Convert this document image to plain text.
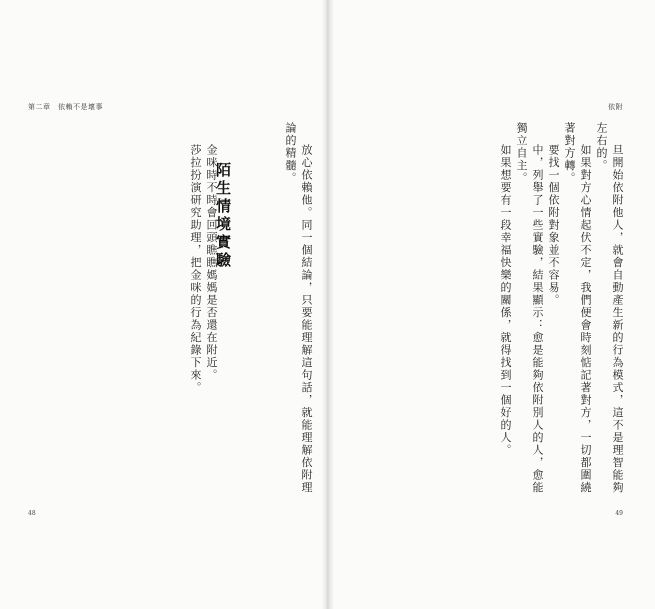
第二章　依賴不是壞事
48
依附
49

金咪時不時會回頭瞧瞧媽媽是否還在附近。

莎拉扮演研究助理，把金咪的行為紀錄下來。 陌生情境實驗	放心依賴他。同一個結論，只要能理解這句話，就能理解依附理論的精髓。	旦開始依附他人，就會自動產生新的行為模式，這不是理智能夠左右的。

如果對方心情起伏不定，我們便會時刻惦記著對方，一切都圍繞著對方轉。

要找一個依附對象並不容易。

中，列舉了一些實驗，結果顯示：愈是能夠依附別人的人，愈能獨立自主。

如果想要有一段幸福快樂的關係，就得找到一個好的人。
